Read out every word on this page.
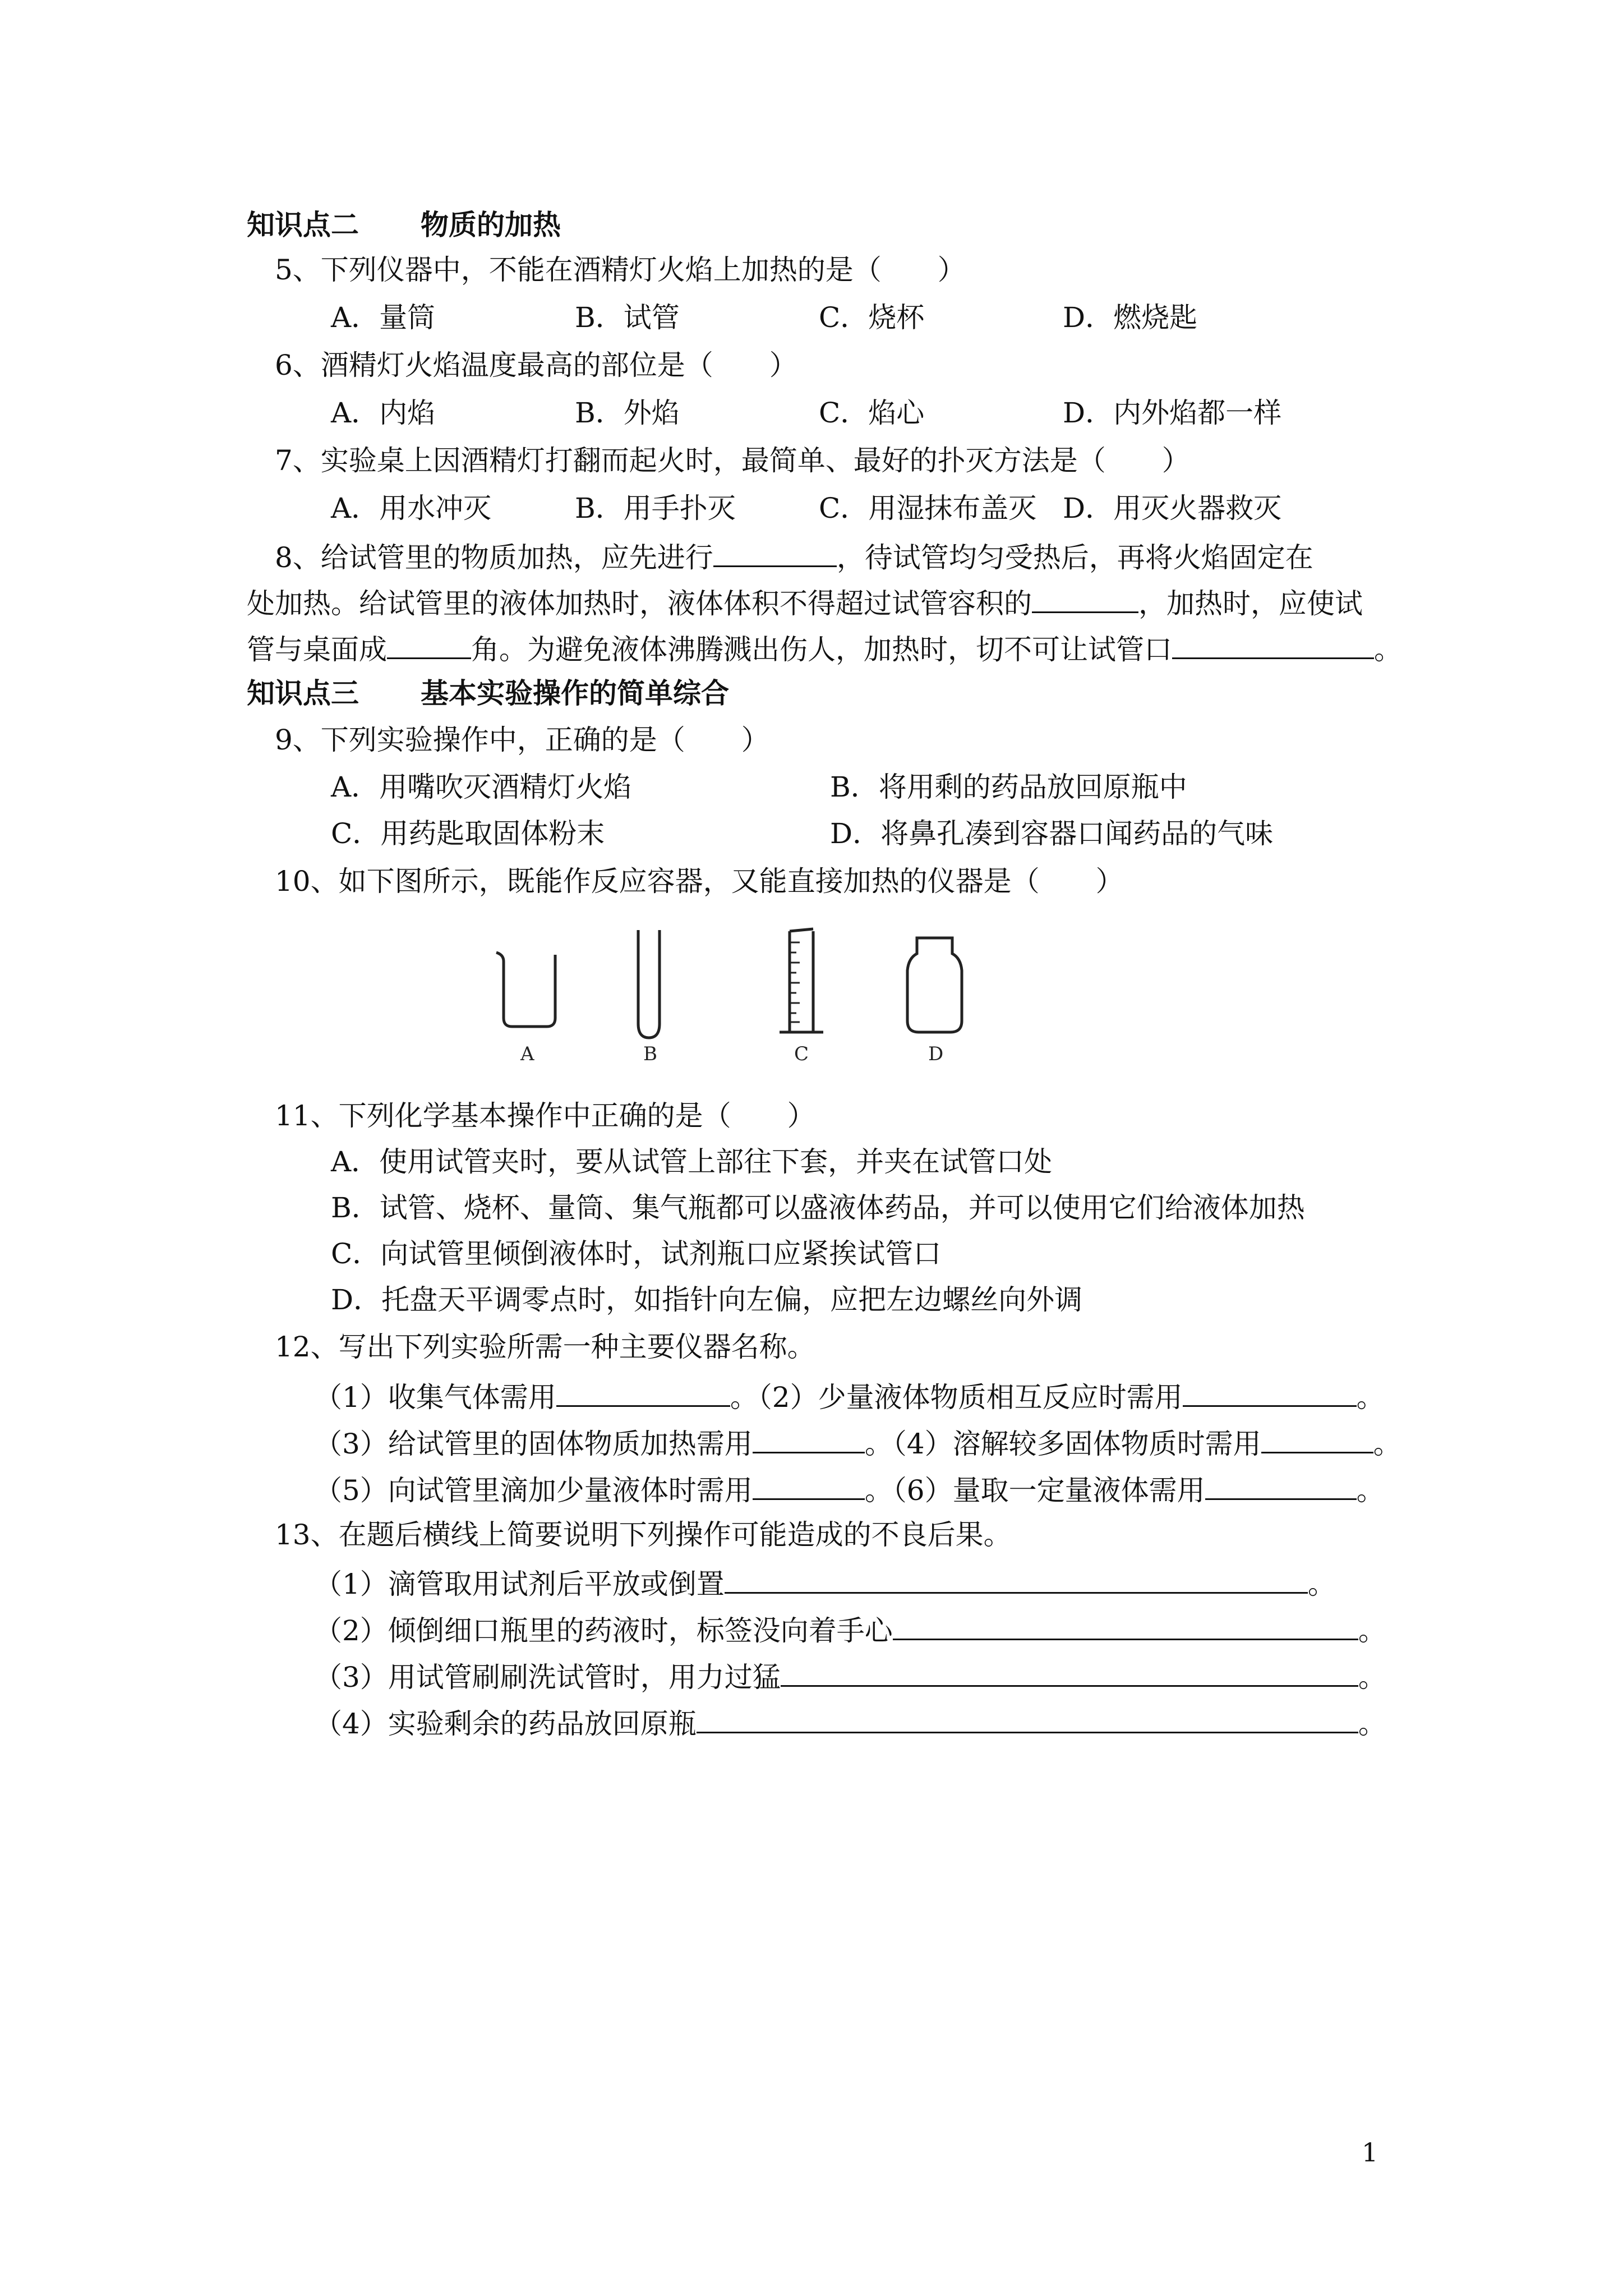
知识点二 物质的加热
5、下列仪器中，不能在酒精灯火焰上加热的是（　　）
A．量筒	B．试管	C．烧杯	D．燃烧匙
6、酒精灯火焰温度最高的部位是（　　）
A．内焰	B．外焰	C．焰心	D．内外焰都一样
7、实验桌上因酒精灯打翻而起火时，最简单、最好的扑灭方法是（　　）
A．用水冲灭	B．用手扑灭	C．用湿抹布盖灭 D．用灭火器救灭
8、给试管里的物质加热，应先进行	，待试管均匀受热后，再将火焰固定在
处加热。给试管里的液体加热时，液体体积不得超过试管容积的	，加热时，应使试
管与桌面成	角。为避免液体沸腾溅出伤人，加热时，切不可让试管口	。
知识点三 基本实验操作的简单综合
9、下列实验操作中，正确的是（　　）
A．用嘴吹灭酒精灯火焰	B．将用剩的药品放回原瓶中
C．用药匙取固体粉末	D．将鼻孔凑到容器口闻药品的气味
10、如下图所示，既能作反应容器，又能直接加热的仪器是（　　）
A	B	C	D
11、下列化学基本操作中正确的是（　　）
A．使用试管夹时，要从试管上部往下套，并夹在试管口处
B．试管、烧杯、量筒、集气瓶都可以盛液体药品，并可以使用它们给液体加热
C．向试管里倾倒液体时，试剂瓶口应紧挨试管口
D．托盘天平调零点时，如指针向左偏，应把左边螺丝向外调
12、写出下列实验所需一种主要仪器名称。
（1）收集气体需用	。（2）少量液体物质相互反应时需用	。
（3）给试管里的固体物质加热需用	。（4）溶解较多固体物质时需用	。
（5）向试管里滴加少量液体时需用	。（6）量取一定量液体需用	。
13、在题后横线上简要说明下列操作可能造成的不良后果。
（1）滴管取用试剂后平放或倒置	。
（2）倾倒细口瓶里的药液时，标签没向着手心	。
（3）用试管刷刷洗试管时，用力过猛	。
（4）实验剩余的药品放回原瓶	。
1
